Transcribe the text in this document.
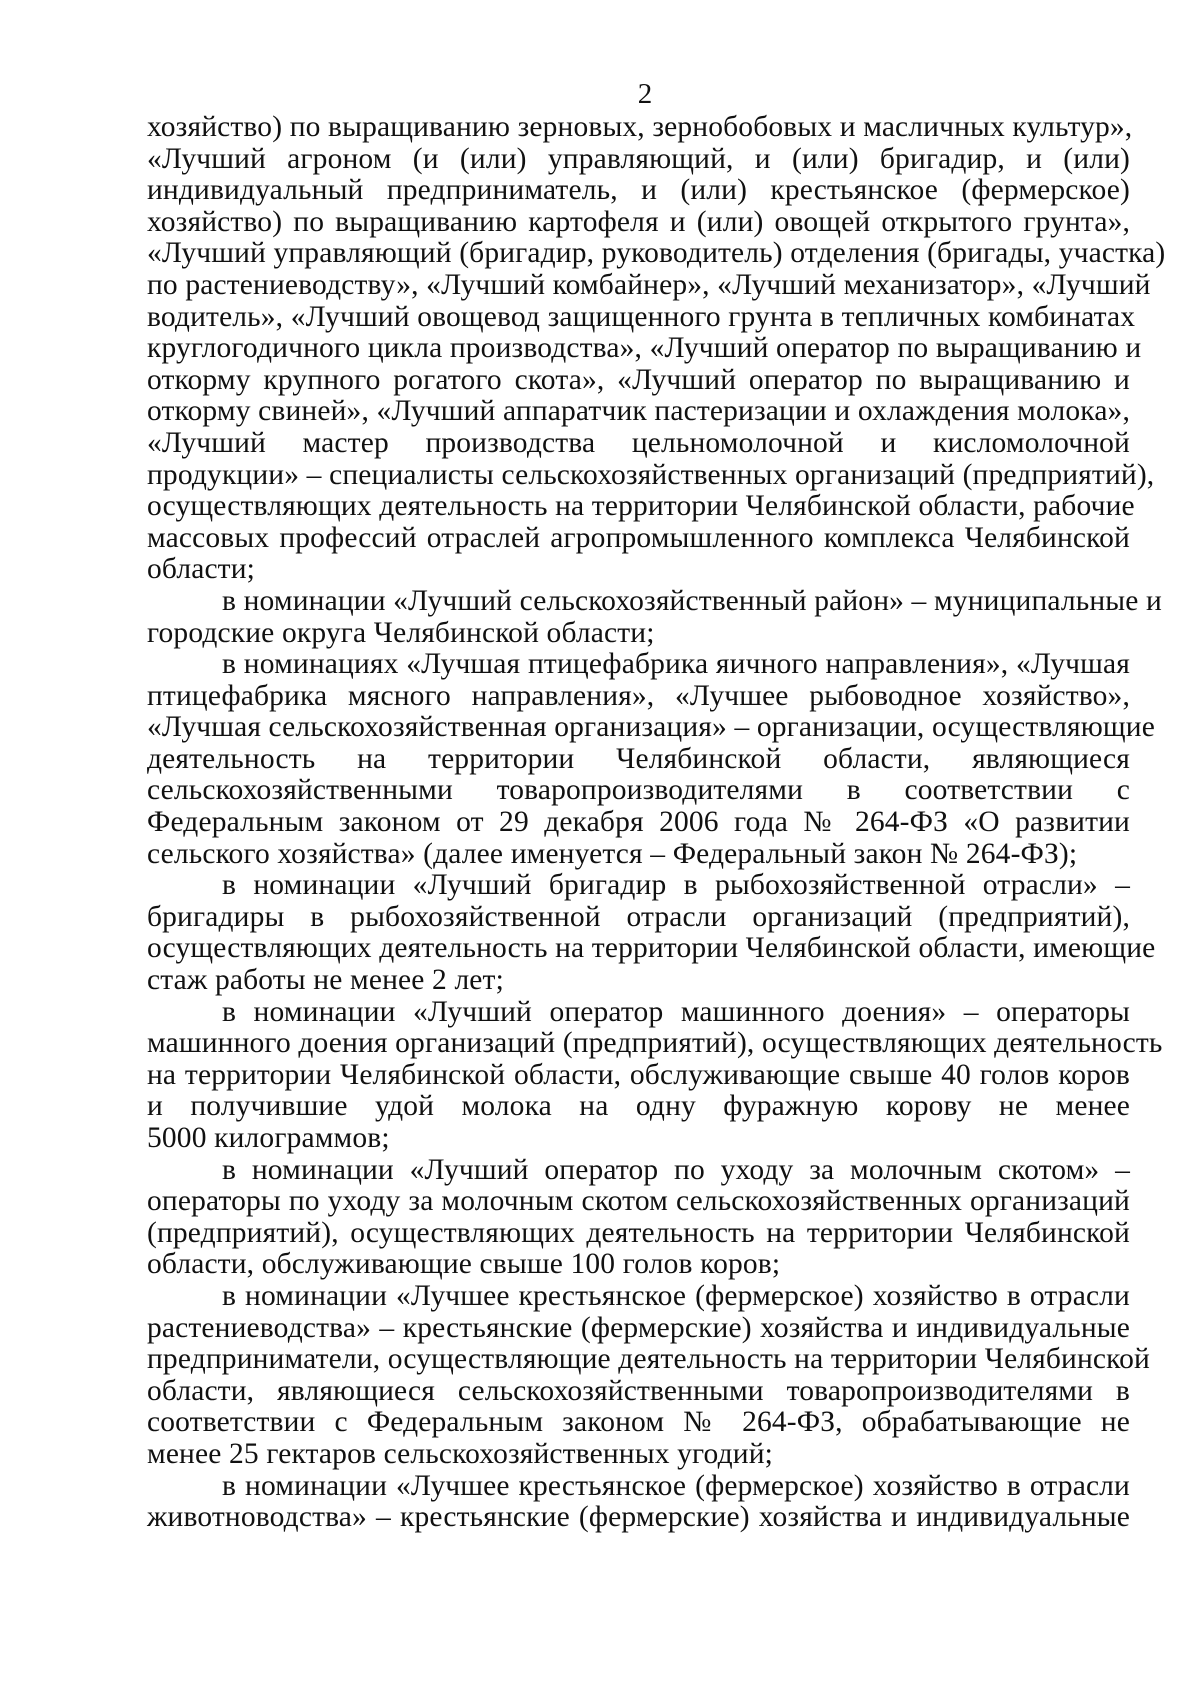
2
хозяйство) по выращиванию зерновых, зернобобовых и масличных культур»,
«Лучший агроном (и (или) управляющий, и (или) бригадир, и (или)
индивидуальный предприниматель, и (или) крестьянское (фермерское)
хозяйство) по выращиванию картофеля и (или) овощей открытого грунта»,
«Лучший управляющий (бригадир, руководитель) отделения (бригады, участка)
по растениеводству», «Лучший комбайнер», «Лучший механизатор», «Лучший
водитель», «Лучший овощевод защищенного грунта в тепличных комбинатах
круглогодичного цикла производства», «Лучший оператор по выращиванию и
откорму крупного рогатого скота», «Лучший оператор по выращиванию и
откорму свиней», «Лучший аппаратчик пастеризации и охлаждения молока»,
«Лучший мастер производства цельномолочной и кисломолочной
продукции» – специалисты сельскохозяйственных организаций (предприятий),
осуществляющих деятельность на территории Челябинской области, рабочие
массовых профессий отраслей агропромышленного комплекса Челябинской
области;
в номинации «Лучший сельскохозяйственный район» – муниципальные и
городские округа Челябинской области;
в номинациях «Лучшая птицефабрика яичного направления», «Лучшая
птицефабрика мясного направления», «Лучшее рыбоводное хозяйство»,
«Лучшая сельскохозяйственная организация» – организации, осуществляющие
деятельность на территории Челябинской области, являющиеся
сельскохозяйственными товаропроизводителями в соответствии с
Федеральным законом от 29 декабря 2006 года № 264-ФЗ «О развитии
сельского хозяйства» (далее именуется – Федеральный закон № 264-ФЗ);
в номинации «Лучший бригадир в рыбохозяйственной отрасли» –
бригадиры в рыбохозяйственной отрасли организаций (предприятий),
осуществляющих деятельность на территории Челябинской области, имеющие
стаж работы не менее 2 лет;
в номинации «Лучший оператор машинного доения» – операторы
машинного доения организаций (предприятий), осуществляющих деятельность
на территории Челябинской области, обслуживающие свыше 40 голов коров
и получившие удой молока на одну фуражную корову не менее
5000 килограммов;
в номинации «Лучший оператор по уходу за молочным скотом» –
операторы по уходу за молочным скотом сельскохозяйственных организаций
(предприятий), осуществляющих деятельность на территории Челябинской
области, обслуживающие свыше 100 голов коров;
в номинации «Лучшее крестьянское (фермерское) хозяйство в отрасли
растениеводства» – крестьянские (фермерские) хозяйства и индивидуальные
предприниматели, осуществляющие деятельность на территории Челябинской
области, являющиеся сельскохозяйственными товаропроизводителями в
соответствии с Федеральным законом № 264-ФЗ, обрабатывающие не
менее 25 гектаров сельскохозяйственных угодий;
в номинации «Лучшее крестьянское (фермерское) хозяйство в отрасли
животноводства» – крестьянские (фермерские) хозяйства и индивидуальные
